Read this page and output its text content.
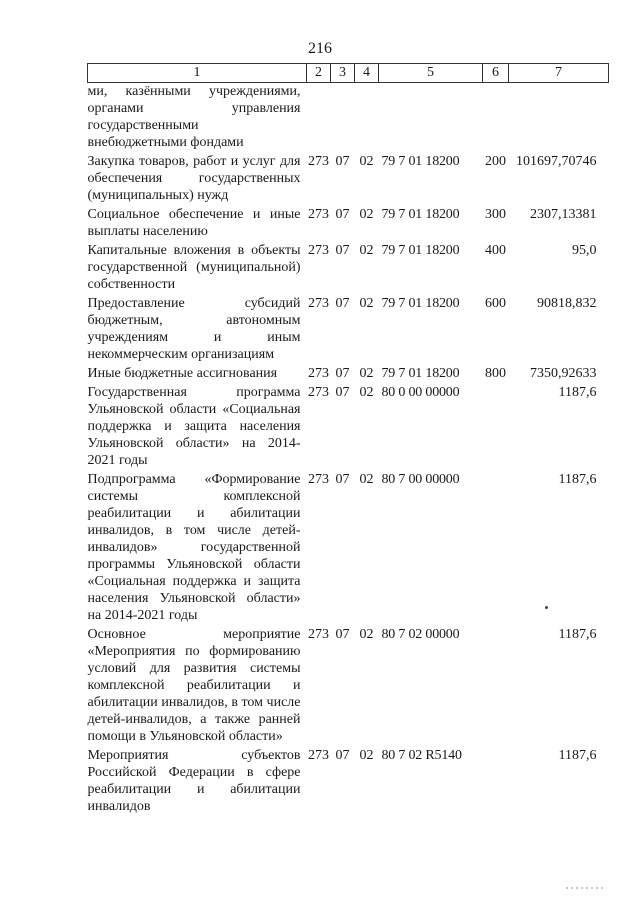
216
1	2	3	4	5	6	7
ми, казёнными учреждениями, органами управления государственными внебюджетными фондами						
Закупка товаров, работ и услуг для обеспечения государственных (муниципальных) нужд	273	07	02	79 7 01 18200	200	101697,70746
Социальное обеспечение и иные выплаты населению	273	07	02	79 7 01 18200	300	2307,13381
Капитальные вложения в объекты государственной (муниципальной) собственности	273	07	02	79 7 01 18200	400	95,0
Предоставление субсидий бюджетным, автономным учреждениям и иным некоммерческим организациям	273	07	02	79 7 01 18200	600	90818,832
Иные бюджетные ассигнования	273	07	02	79 7 01 18200	800	7350,92633
Государственная программа Ульяновской области «Социальная поддержка и защита населения Ульяновской области» на 2014-2021 годы	273	07	02	80 0 00 00000		1187,6
Подпрограмма «Формирование системы комплексной реабилитации и абилитации инвалидов, в том числе детей-инвалидов» государственной программы Ульяновской области «Социальная поддержка и защита населения Ульяновской области» на 2014-2021 годы	273	07	02	80 7 00 00000		1187,6
Основное мероприятие «Мероприятия по формированию условий для развития системы комплексной реабилитации и абилитации инвалидов, в том числе детей-инвалидов, а также ранней помощи в Ульяновской области»	273	07	02	80 7 02 00000		1187,6
Мероприятия субъектов Российской Федерации в сфере реабилитации и абилитации инвалидов	273	07	02	80 7 02 R5140		1187,6
